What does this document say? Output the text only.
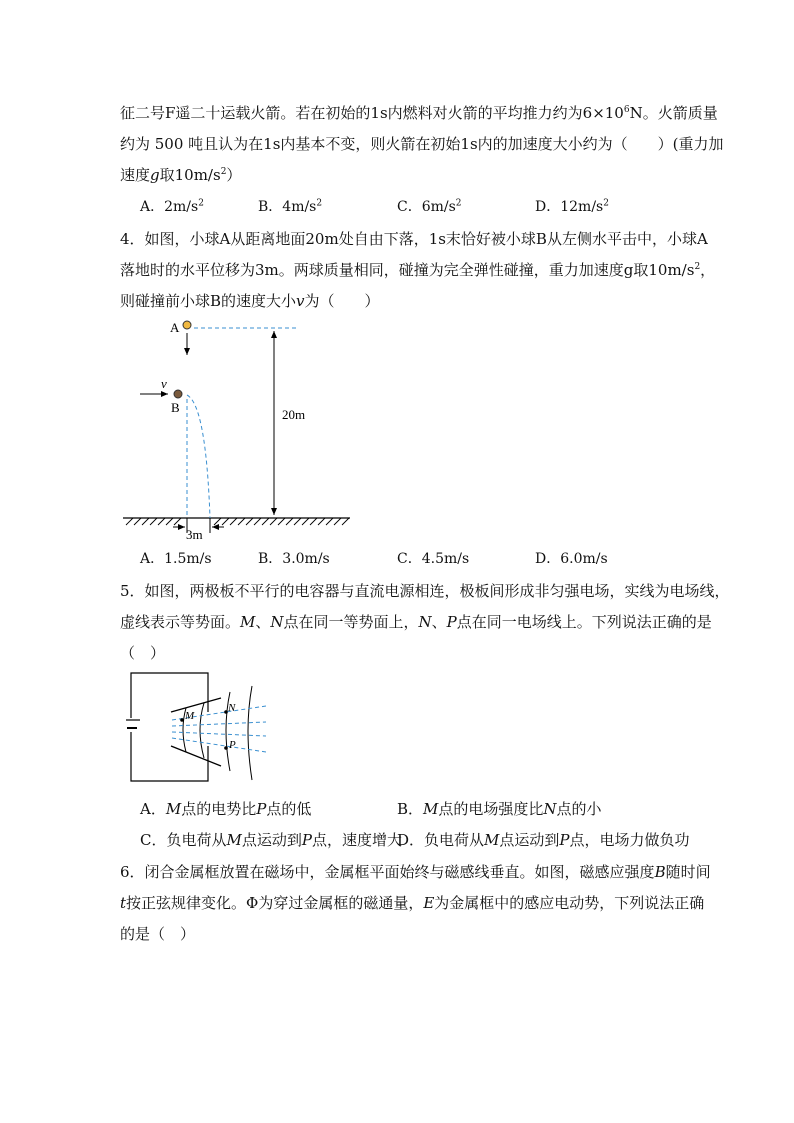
征二号F遥二十运载火箭。若在初始的1s内燃料对火箭的平均推力约为$6\times 10^6N$。火箭质量
约为 500 吨且认为在1s内基本不变，则火箭在初始1s内的加速度大小约为（　　）(重力加
速度g取$10m/s^2$）
A．$2m/s^2$	B．$4m/s^2$	C．$6m/s^2$	D．$12m/s^2$
4．如图，小球A从距离地面20m处自由下落，1s末恰好被小球B从左侧水平击中，小球A
落地时的水平位移为3m。两球质量相同，碰撞为完全弹性碰撞，重力加速度g取$10m/s^2$，
则碰撞前小球B的速度大小v为（　　）
A
B
v
20m
3m
A．1.5m/s	B．3.0m/s	C．4.5m/s	D．6.0m/s
5．如图，两极板不平行的电容器与直流电源相连，极板间形成非匀强电场，实线为电场线，
虚线表示等势面。M、N点在同一等势面上，N、P点在同一电场线上。下列说法正确的是
（　）
M
N
P
A．M点的电势比P点的低	B．M点的电场强度比N点的小
C．负电荷从M点运动到P点，速度增大
D．负电荷从M点运动到P点，电场力做负功
6．闭合金属框放置在磁场中，金属框平面始终与磁感线垂直。如图，磁感应强度B随时间
t按正弦规律变化。Φ为穿过金属框的磁通量，E为金属框中的感应电动势，下列说法正确
的是（　）
